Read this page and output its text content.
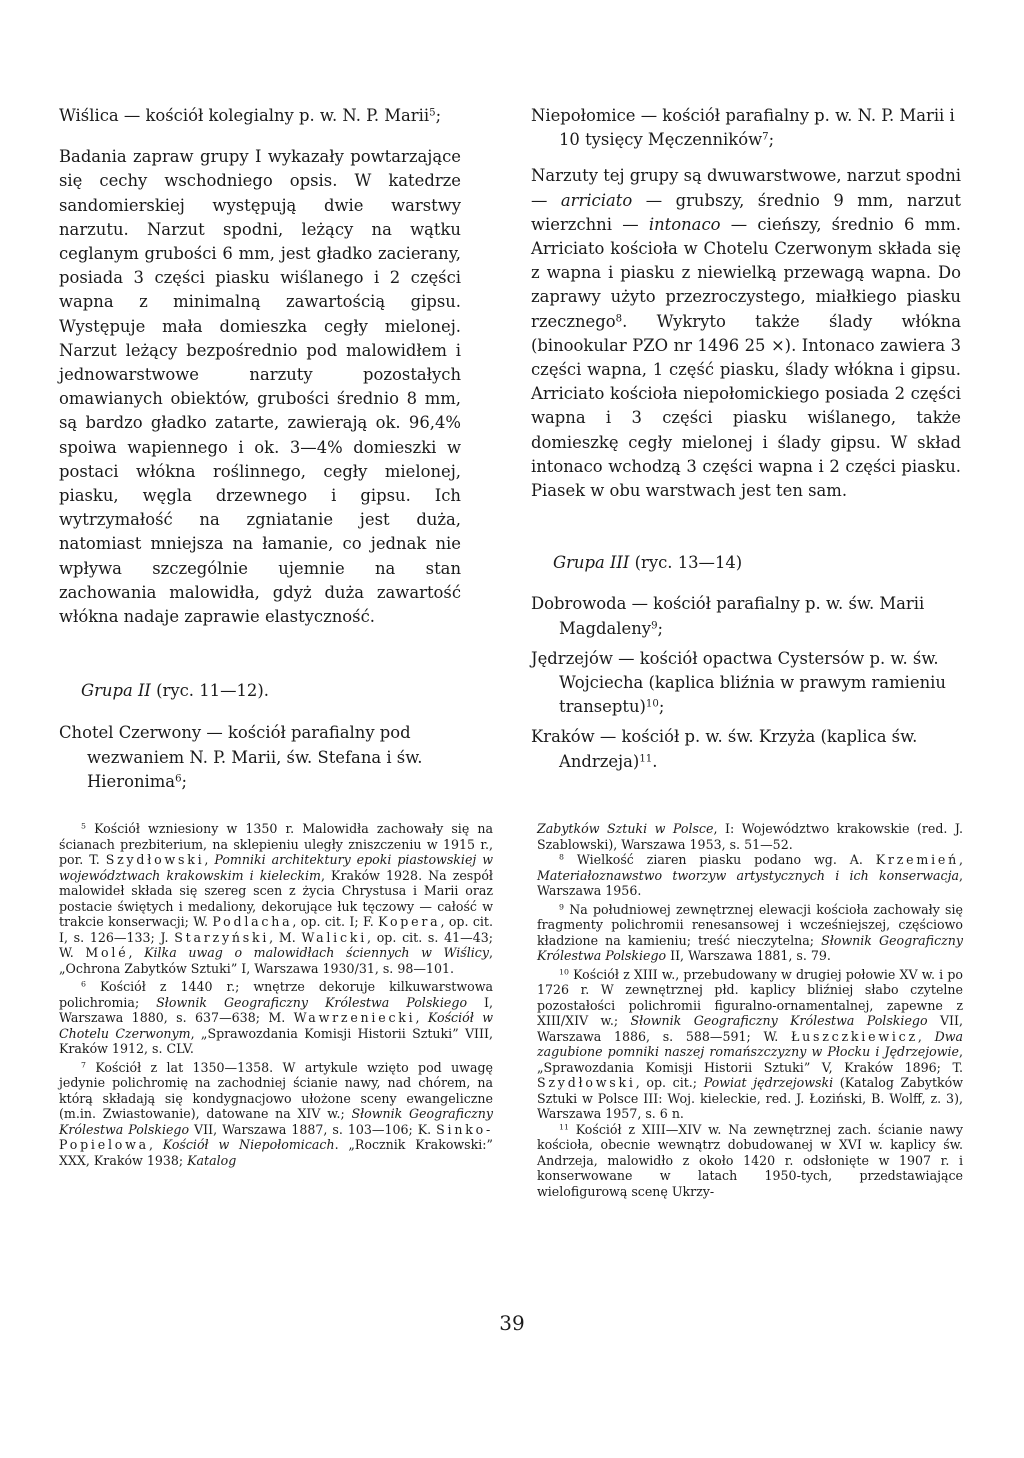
Wiślica — kościół kolegialny p. w. N. P. Marii$^5$;

Badania zapraw grupy I wykazały powtarzające się cechy wschodniego opsis. W katedrze sandomierskiej występują dwie warstwy narzutu. Narzut spodni, leżący na wątku ceglanym grubości 6 mm, jest gładko zacierany, posiada 3 części piasku wiślanego i 2 części wapna z minimalną zawartością gipsu. Występuje mała domieszka cegły mielonej. Narzut leżący bezpośrednio pod malowidłem i jednowarstwowe narzuty pozostałych omawianych obiektów, grubości średnio 8 mm, są bardzo gładko zatarte, zawierają ok. 96,4% spoiwa wapiennego i ok. 3—4% domieszki w postaci włókna roślinnego, cegły mielonej, piasku, węgla drzewnego i gipsu. Ich wytrzymałość na zgniatanie jest duża, natomiast mniejsza na łamanie, co jednak nie wpływa szczególnie ujemnie na stan zachowania malowidła, gdyż duża zawartość włókna nadaje zaprawie elastyczność.

Grupa II (ryc. 11—12).

Chotel Czerwony — kościół parafialny pod wezwaniem N. P. Marii, św. Stefana i św. Hieronima$^6$;

Niepołomice — kościół parafialny p. w. N. P. Marii i 10 tysięcy Męczenników$^7$;

Narzuty tej grupy są dwuwarstwowe, narzut spodni — arriciato — grubszy, średnio 9 mm, narzut wierzchni — intonaco — cieńszy, średnio 6 mm. Arriciato kościoła w Chotelu Czerwonym składa się z wapna i piasku z niewielką przewagą wapna. Do zaprawy użyto przezroczystego, miałkiego piasku rzecznego$^8$. Wykryto także ślady włókna (binookular PZO nr 1496 25 ×). Intonaco zawiera 3 części wapna, 1 część piasku, ślady włókna i gipsu. Arriciato kościoła niepołomickiego posiada 2 części wapna i 3 części piasku wiślanego, także domieszkę cegły mielonej i ślady gipsu. W skład intonaco wchodzą 3 części wapna i 2 części piasku. Piasek w obu warstwach jest ten sam.

Grupa III (ryc. 13—14)

Dobrowoda — kościół parafialny p. w. św. Marii Magdaleny$^9$;

Jędrzejów — kościół opactwa Cystersów p. w. św. Wojciecha (kaplica bliźnia w prawym ramieniu transeptu)$^{10}$;

Kraków — kościół p. w. św. Krzyża (kaplica św. Andrzeja)$^{11}$.

$^5$ Kościół wzniesiony w 1350 r. Malowidła zachowały się na ścianach prezbiterium, na sklepieniu uległy zniszczeniu w 1915 r., por. T. Szydłowski, Pomniki architektury epoki piastowskiej w województwach krakowskim i kieleckim, Kraków 1928. Na zespół malowideł składa się szereg scen z życia Chrystusa i Marii oraz postacie świętych i medaliony, dekorujące łuk tęczowy — całość w trakcie konserwacji; W. Podlacha, op. cit. I; F. Kopera, op. cit. I, s. 126—133; J. Starzyński, M. Walicki, op. cit. s. 41—43; W. Molé, Kilka uwag o malowidłach ściennych w Wiślicy, „Ochrona Zabytków Sztuki” I, Warszawa 1930/31, s. 98—101.

$^6$ Kościół z 1440 r.; wnętrze dekoruje kilkuwarstwowa polichromia; Słownik Geograficzny Królestwa Polskiego I, Warszawa 1880, s. 637—638; M. Wawrzeniecki, Kościół w Chotelu Czerwonym, „Sprawozdania Komisji Historii Sztuki” VIII, Kraków 1912, s. CLV.

$^7$ Kościół z lat 1350—1358. W artykule wzięto pod uwagę jedynie polichromię na zachodniej ścianie nawy, nad chórem, na którą składają się kondygnacjowo ułożone sceny ewangeliczne (m.in. Zwiastowanie), datowane na XIV w.; Słownik Geograficzny Królestwa Polskiego VII, Warszawa 1887, s. 103—106; K. Sinko-Popielowa, Kościół w Niepołomicach. „Rocznik Krakowski:” XXX, Kraków 1938; Katalog

Zabytków Sztuki w Polsce, I: Województwo krakowskie (red. J. Szablowski), Warszawa 1953, s. 51—52.

$^8$ Wielkość ziaren piasku podano wg. A. Krzemień, Materiałoznawstwo tworzyw artystycznych i ich konserwacja, Warszawa 1956.

$^9$ Na południowej zewnętrznej elewacji kościoła zachowały się fragmenty polichromii renesansowej i wcześniejszej, częściowo kładzione na kamieniu; treść nieczytelna; Słownik Geograficzny Królestwa Polskiego II, Warszawa 1881, s. 79.

$^{10}$ Kościół z XIII w., przebudowany w drugiej połowie XV w. i po 1726 r. W zewnętrznej płd. kaplicy bliźniej słabo czytelne pozostałości polichromii figuralno-ornamentalnej, zapewne z XIII/XIV w.; Słownik Geograficzny Królestwa Polskiego VII, Warszawa 1886, s. 588—591; W. Łuszczkiewicz, Dwa zagubione pomniki naszej romańszczyzny w Płocku i Jędrzejowie, „Sprawozdania Komisji Historii Sztuki” V, Kraków 1896; T. Szydłowski, op. cit.; Powiat jędrzejowski (Katalog Zabytków Sztuki w Polsce III: Woj. kieleckie, red. J. Łoziński, B. Wolff, z. 3), Warszawa 1957, s. 6 n.

$^{11}$ Kościół z XIII—XIV w. Na zewnętrznej zach. ścianie nawy kościoła, obecnie wewnątrz dobudowanej w XVI w. kaplicy św. Andrzeja, malowidło z około 1420 r. odsłonięte w 1907 r. i konserwowane w latach 1950-tych, przedstawiające wielofigurową scenę Ukrzy-

39
